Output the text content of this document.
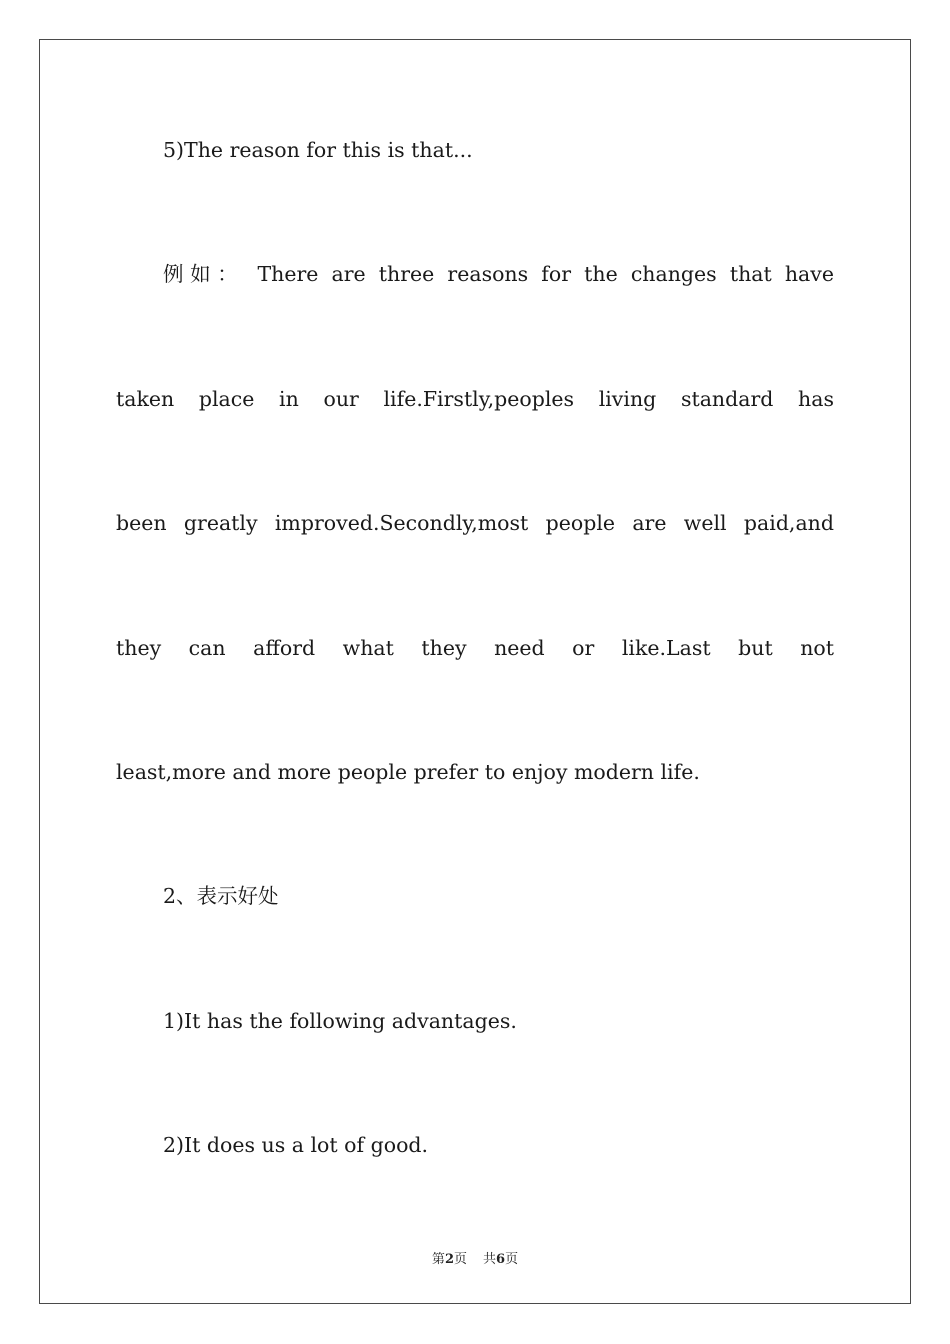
5)The reason for this is that...
例如： There are three reasons for the changes that have
taken place in our life.Firstly,peoples living standard has
been greatly improved.Secondly,most people are well paid,and
they can afford what they need or like.Last but not
least,more and more people prefer to enjoy modern life.
2、表示好处
1)It has the following advantages.
2)It does us a lot of good.
第2页 共6页
